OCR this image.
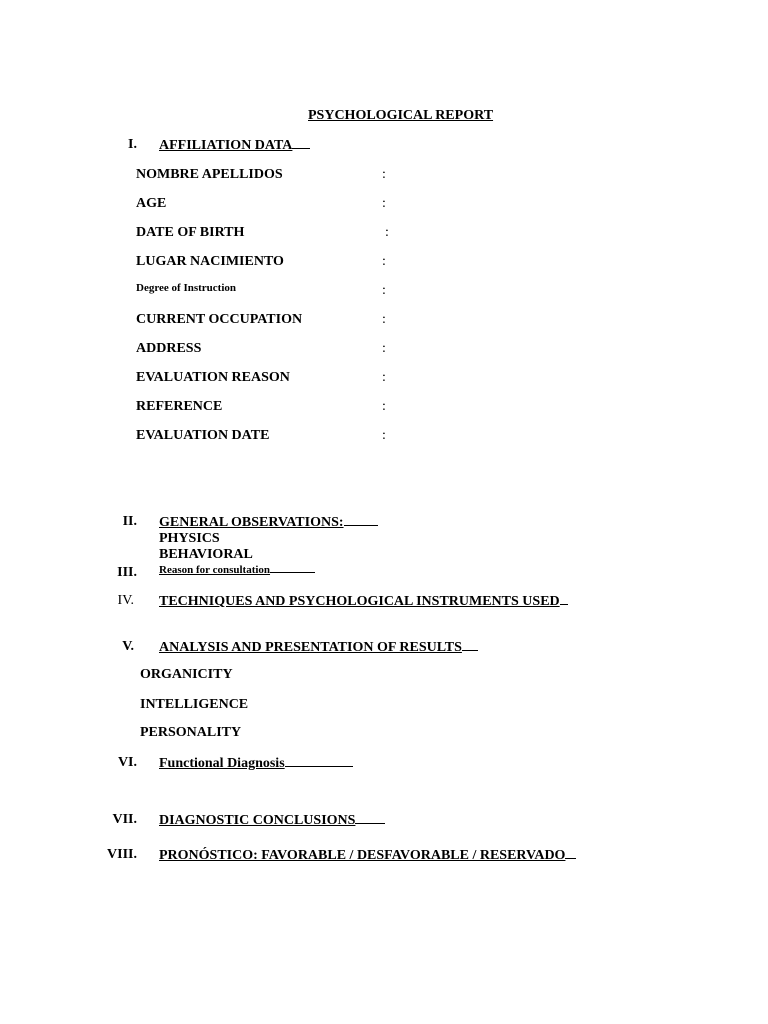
PSYCHOLOGICAL REPORT
I. AFFILIATION DATA
NOMBRE APELLIDOS	:
AGE	:
DATE OF BIRTH	:
LUGAR NACIMIENTO	:
Degree of Instruction	:
CURRENT OCCUPATION	:
ADDRESS	:
EVALUATION REASON	:
REFERENCE	:
EVALUATION DATE	:
II. GENERAL OBSERVATIONS:
PHYSICS
BEHAVIORAL
III. Reason for consultation
IV. TECHNIQUES AND PSYCHOLOGICAL INSTRUMENTS USED
V. ANALYSIS AND PRESENTATION OF RESULTS
ORGANICITY
INTELLIGENCE
PERSONALITY
VI. Functional Diagnosis
VII. DIAGNOSTIC CONCLUSIONS
VIII. PRONÓSTICO: FAVORABLE / DESFAVORABLE / RESERVADO
